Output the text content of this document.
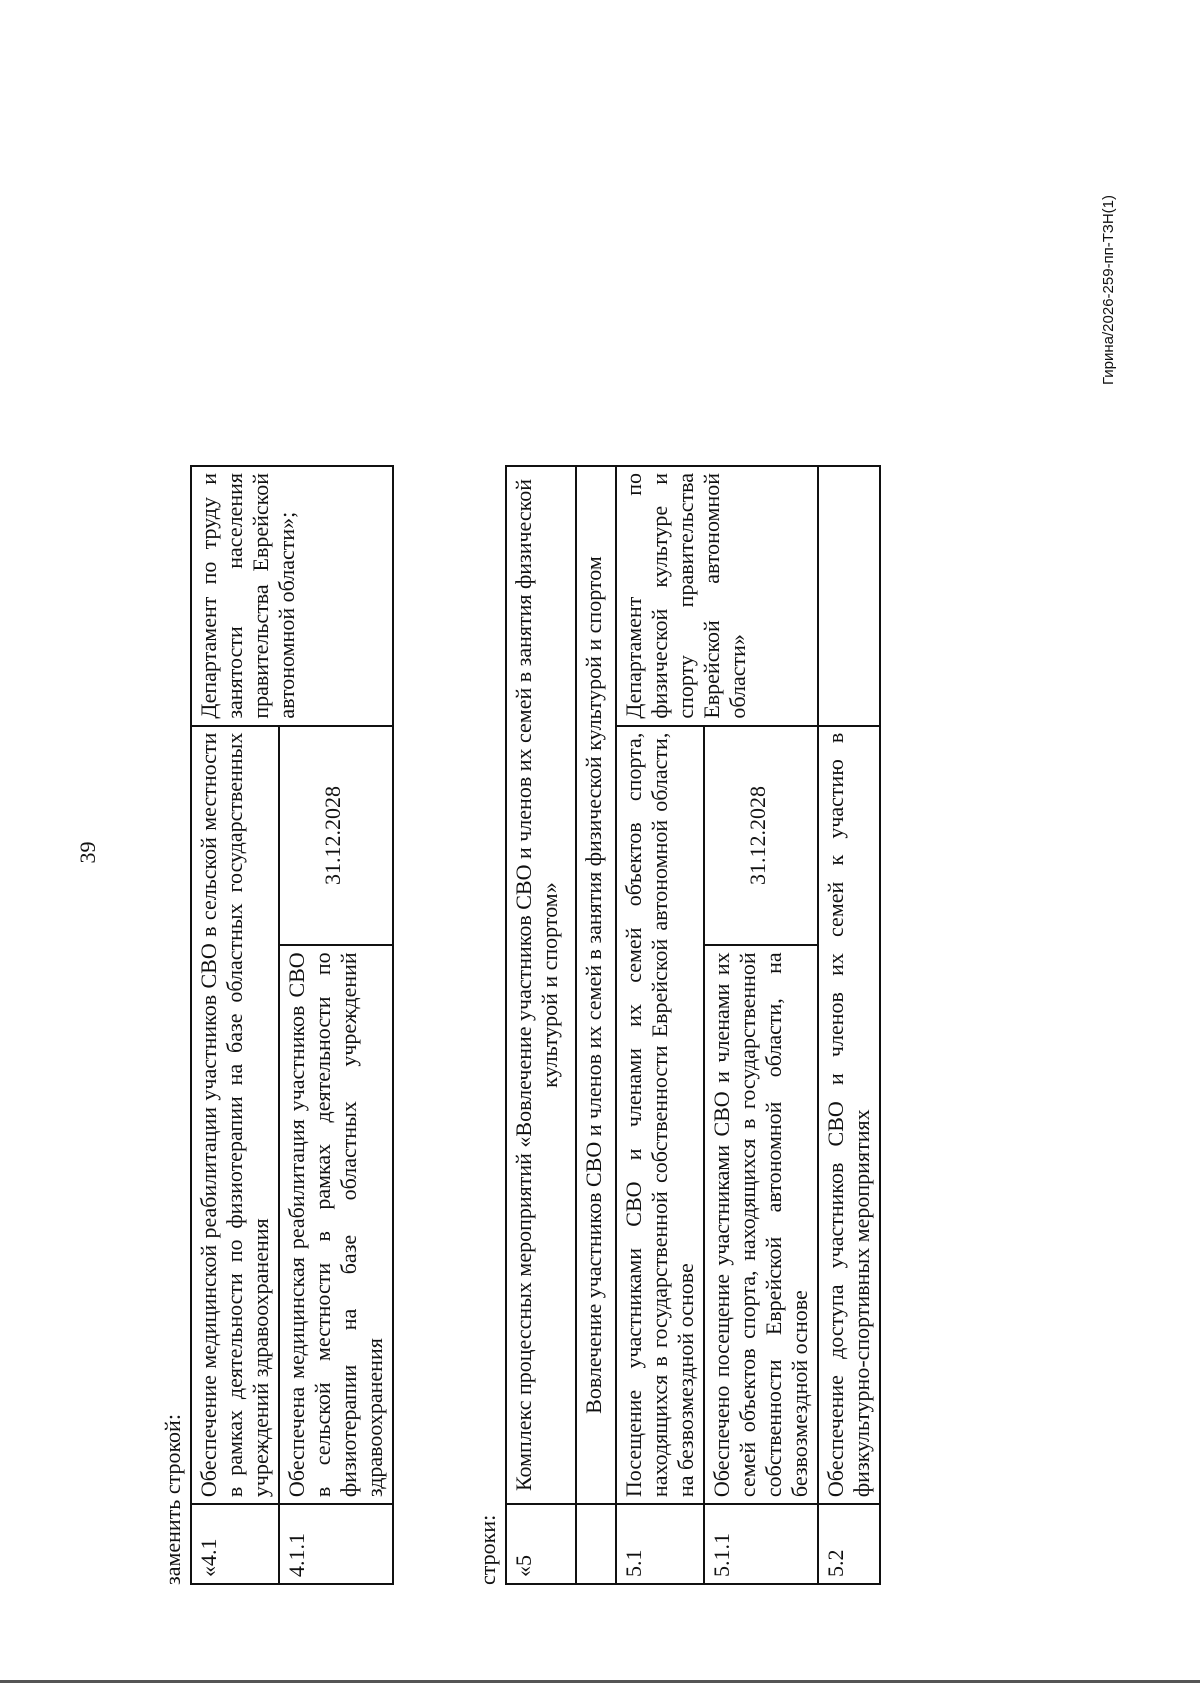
39
заменить строкой: «4.1	Обеспечение медицинской реабилитации участников СВО в сельской местности в рамках деятельности по физиотерапии на базе областных государственных учреждений здравоохранения		Департамент по труду и занятости населения правительства Еврейской автономной области»;
4.1.1	Обеспечена медицинская реабилитация участников СВО в сельской местности в рамках деятельности по физиотерапии на базе областных учреждений здравоохранения	31.12.2028	
строки: «5	Комплекс процессных мероприятий «Вовлечение участников СВО и членов их семей в занятия физической культурой и спортом»		
	Вовлечение участников СВО и членов их семей в занятия физической культурой и спортом		
5.1	Посещение участниками СВО и членами их семей объектов спорта, находящихся в государственной собственности Еврейской автономной области, на безвозмездной основе		Департамент по физической культуре и спорту правительства Еврейской автономной области»
5.1.1	Обеспечено посещение участниками СВО и членами их семей объектов спорта, находящихся в государственной собственности Еврейской автономной области, на безвозмездной основе	31.12.2028	
5.2	Обеспечение доступа участников СВО и членов их семей к участию в физкультурно-спортивных мероприятиях		
Гирина/2026-259-пп-ТЗН(1)
